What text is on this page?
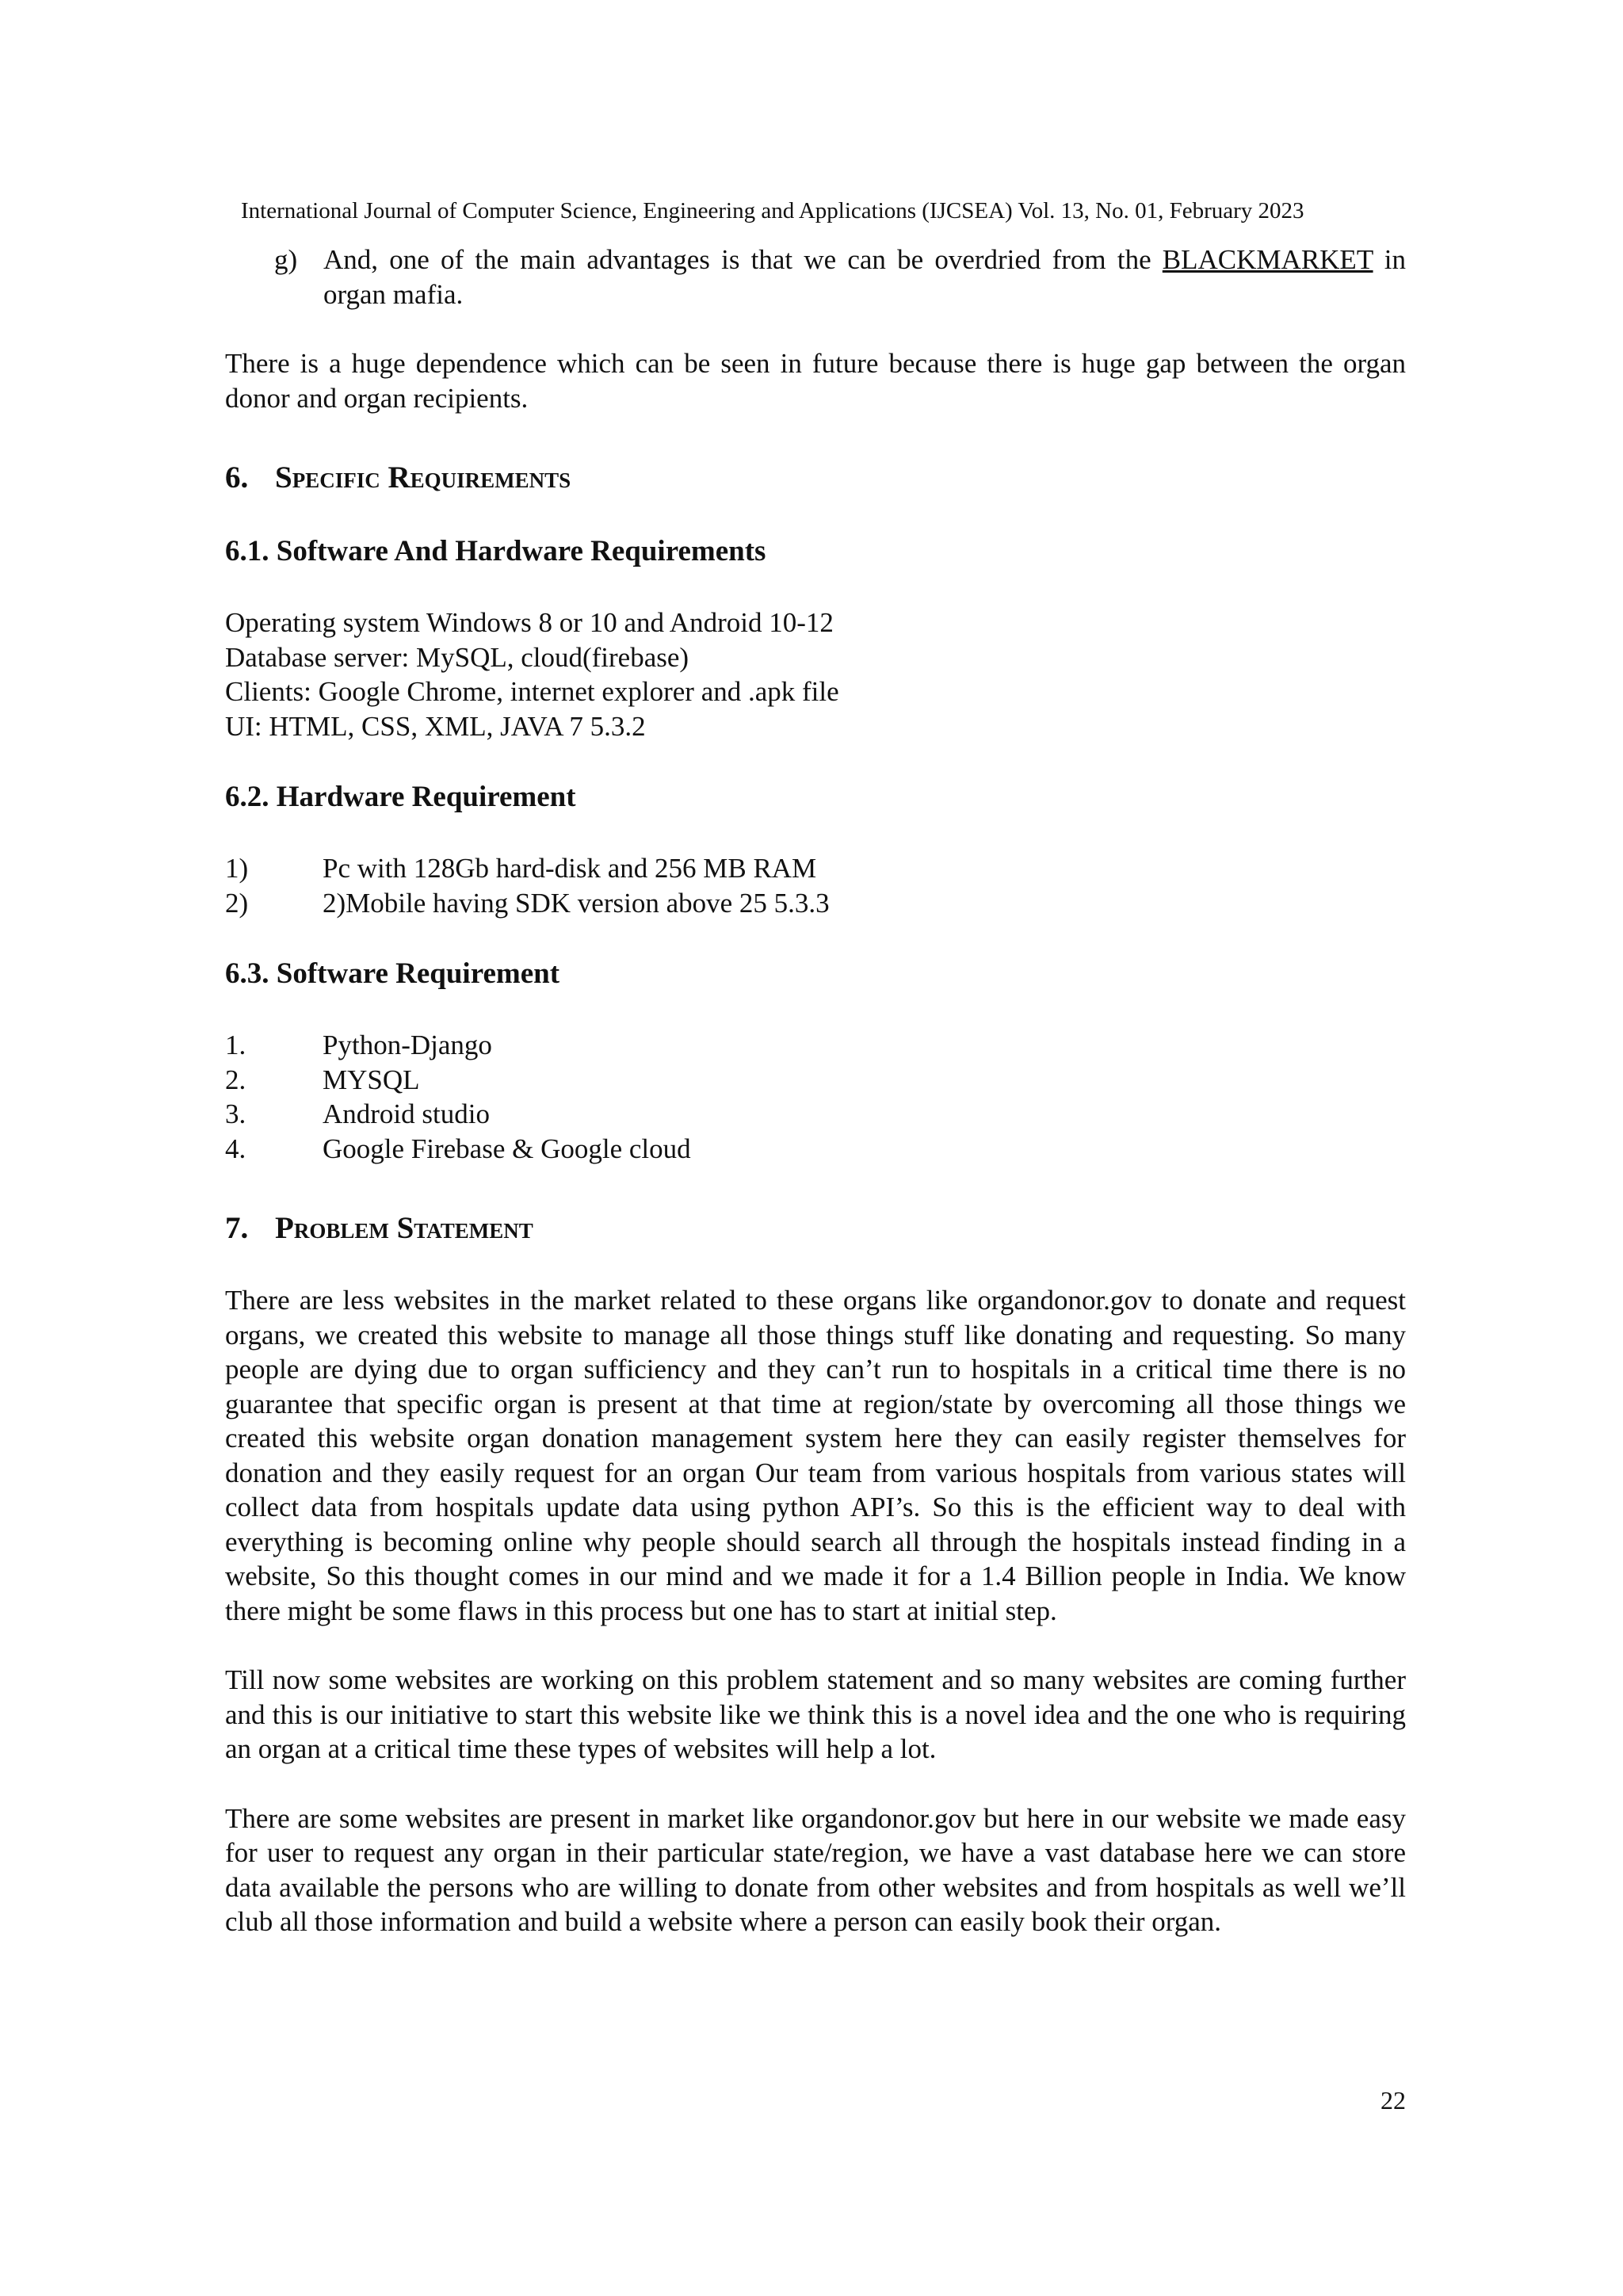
International Journal of Computer Science, Engineering and Applications (IJCSEA) Vol. 13, No. 01, February 2023
g) And, one of the main advantages is that we can be overdried from the BLACKMARKET in organ mafia.

There is a huge dependence which can be seen in future because there is huge gap between the organ donor and organ recipients.

6. Specific Requirements
6.1. Software And Hardware Requirements
Operating system Windows 8 or 10 and Android 10-12
Database server: MySQL, cloud(firebase)
Clients: Google Chrome, internet explorer and .apk file
UI: HTML, CSS, XML, JAVA 7 5.3.2
6.2. Hardware Requirement
1)	Pc with 128Gb hard-disk and 256 MB RAM
2)	2)Mobile having SDK version above 25 5.3.3
6.3. Software Requirement
1.	Python-Django
2.	MYSQL
3.	Android studio
4.	Google Firebase & Google cloud
7. Problem Statement

There are less websites in the market related to these organs like organdonor.gov to donate and request organs, we created this website to manage all those things stuff like donating and requesting. So many people are dying due to organ sufficiency and they can’t run to hospitals in a critical time there is no guarantee that specific organ is present at that time at region/state by overcoming all those things we created this website organ donation management system here they can easily register themselves for donation and they easily request for an organ Our team from various hospitals from various states will collect data from hospitals update data using python API’s. So this is the efficient way to deal with everything is becoming online why people should search all through the hospitals instead finding in a website, So this thought comes in our mind and we made it for a 1.4 Billion people in India. We know there might be some flaws in this process but one has to start at initial step.

Till now some websites are working on this problem statement and so many websites are coming further and this is our initiative to start this website like we think this is a novel idea and the one who is requiring an organ at a critical time these types of websites will help a lot.

There are some websites are present in market like organdonor.gov but here in our website we made easy for user to request any organ in their particular state/region, we have a vast database here we can store data available the persons who are willing to donate from other websites and from hospitals as well we’ll club all those information and build a website where a person can easily book their organ.

22
